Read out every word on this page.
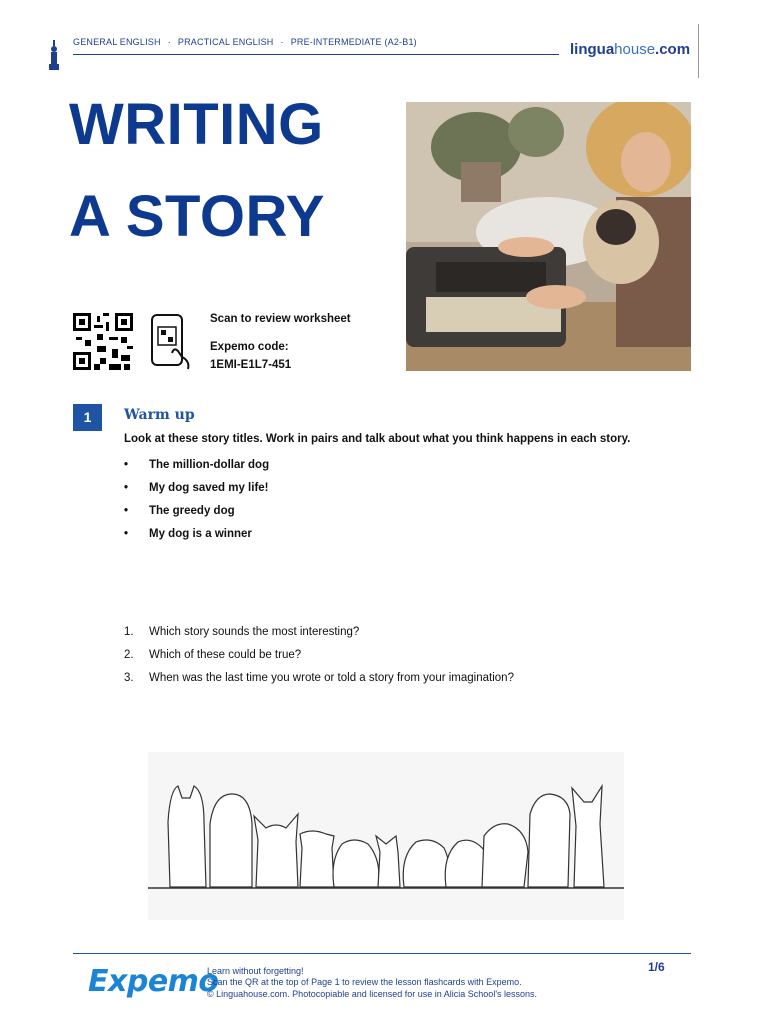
GENERAL ENGLISH · PRACTICAL ENGLISH · PRE-INTERMEDIATE (A2-B1)	linguahouse.com
WRITING
A STORY
Scan to review worksheet
Expemo code:
1EMI-E1L7-451
1	Warm up
Look at these story titles. Work in pairs and talk about what you think happens in each story.
• The million-dollar dog
• My dog saved my life!
• The greedy dog
• My dog is a winner
1. Which story sounds the most interesting?
2. Which of these could be true?
3. When was the last time you wrote or told a story from your imagination?
Expemo
Learn without forgetting!
Scan the QR at the top of Page 1 to review the lesson flashcards with Expemo.
© Linguahouse.com. Photocopiable and licensed for use in Alicia School's lessons.
1/6
